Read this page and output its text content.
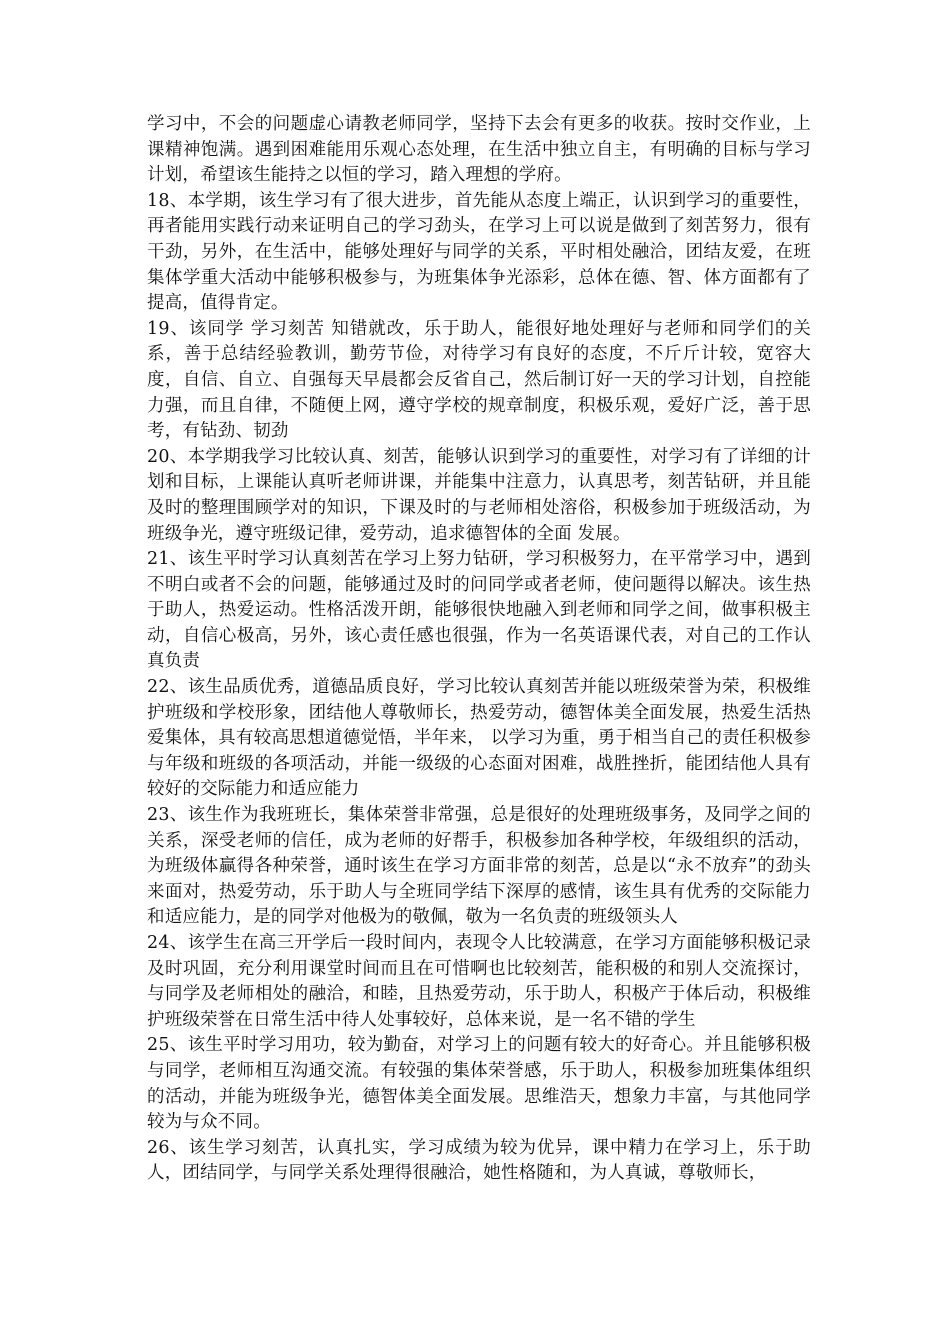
学习中，不会的问题虚心请教老师同学，坚持下去会有更多的收获。按时交作业，上课精神饱满。遇到困难能用乐观心态处理，在生活中独立自主，有明确的目标与学习计划，希望该生能持之以恒的学习，踏入理想的学府。

18、本学期，该生学习有了很大进步，首先能从态度上端正，认识到学习的重要性，再者能用实践行动来证明自己的学习劲头，在学习上可以说是做到了刻苦努力，很有干劲，另外，在生活中，能够处理好与同学的关系，平时相处融洽，团结友爱，在班集体学重大活动中能够积极参与，为班集体争光添彩，总体在德、智、体方面都有了提高，值得肯定。

19、该同学 学习刻苦 知错就改，乐于助人，能很好地处理好与老师和同学们的关系，善于总结经验教训，勤劳节俭，对待学习有良好的态度，不斤斤计较，宽容大度，自信、自立、自强每天早晨都会反省自己，然后制订好一天的学习计划，自控能力强，而且自律，不随便上网，遵守学校的规章制度，积极乐观，爱好广泛，善于思考，有钻劲、韧劲

20、本学期我学习比较认真、刻苦，能够认识到学习的重要性，对学习有了详细的计划和目标，上课能认真听老师讲课，并能集中注意力，认真思考，刻苦钻研，并且能及时的整理围顾学对的知识，下课及时的与老师相处溶俗，积极参加于班级活动，为班级争光，遵守班级记律，爱劳动，追求德智体的全面 发展。

21、该生平时学习认真刻苦在学习上努力钻研，学习积极努力，在平常学习中，遇到不明白或者不会的问题，能够通过及时的问同学或者老师，使问题得以解决。该生热于助人，热爱运动。性格活泼开朗，能够很快地融入到老师和同学之间，做事积极主动，自信心极高，另外，该心责任感也很强，作为一名英语课代表，对自己的工作认真负责

22、该生品质优秀，道德品质良好，学习比较认真刻苦并能以班级荣誉为荣，积极维护班级和学校形象，团结他人尊敬师长，热爱劳动，德智体美全面发展，热爱生活热爱集体，具有较高思想道德觉悟，半年来， 以学习为重，勇于相当自己的责任积极参与年级和班级的各项活动，并能一级级的心态面对困难，战胜挫折，能团结他人具有较好的交际能力和适应能力

23、该生作为我班班长，集体荣誉非常强，总是很好的处理班级事务，及同学之间的关系，深受老师的信任，成为老师的好帮手，积极参加各种学校，年级组织的活动，为班级体赢得各种荣誉，通时该生在学习方面非常的刻苦，总是以“永不放弃”的劲头来面对，热爱劳动，乐于助人与全班同学结下深厚的感情，该生具有优秀的交际能力和适应能力，是的同学对他极为的敬佩，敬为一名负责的班级领头人

24、该学生在高三开学后一段时间内，表现令人比较满意，在学习方面能够积极记录及时巩固，充分利用课堂时间而且在可惜啊也比较刻苦，能积极的和别人交流探讨，与同学及老师相处的融洽，和睦，且热爱劳动，乐于助人，积极产于体后动，积极维护班级荣誉在日常生活中待人处事较好，总体来说，是一名不错的学生

25、该生平时学习用功，较为勤奋，对学习上的问题有较大的好奇心。并且能够积极与同学，老师相互沟通交流。有较强的集体荣誉感，乐于助人，积极参加班集体组织的活动，并能为班级争光，德智体美全面发展。思维浩天，想象力丰富，与其他同学较为与众不同。

26、该生学习刻苦，认真扎实，学习成绩为较为优异，课中精力在学习上，乐于助人，团结同学，与同学关系处理得很融洽，她性格随和，为人真诚，尊敬师长，
